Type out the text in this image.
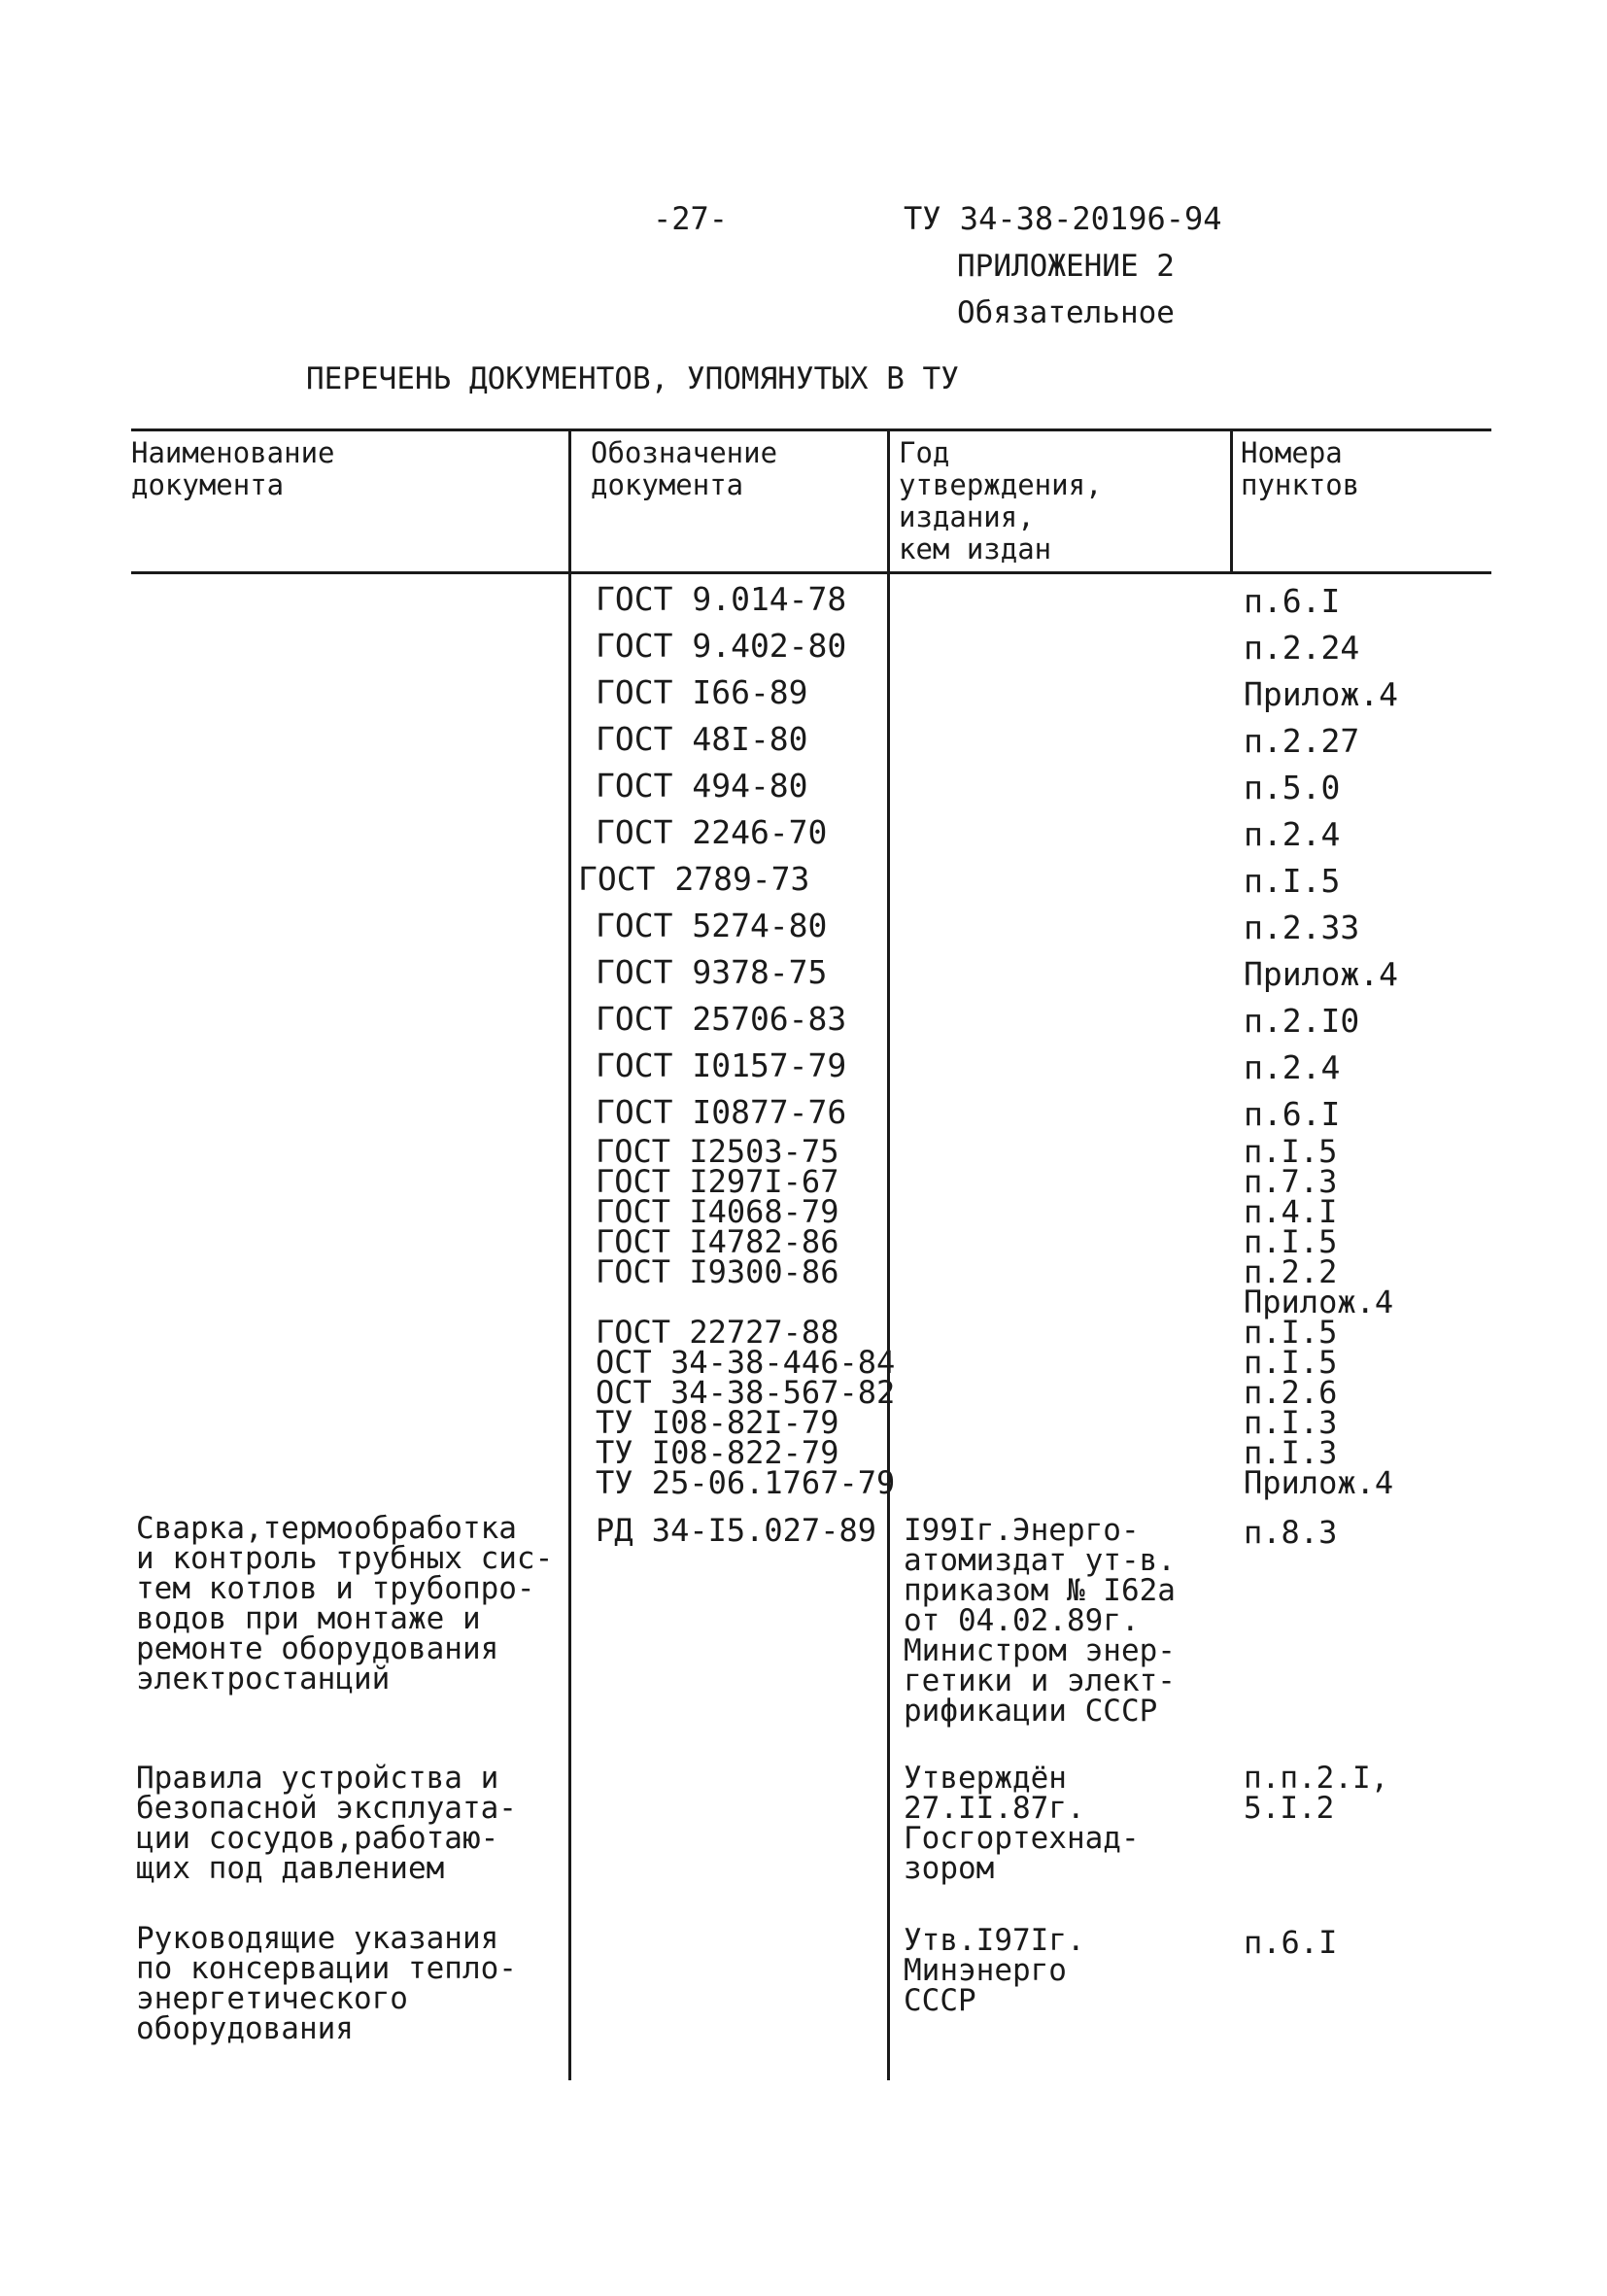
-27-	ТУ 34-38-20196-94
ПРИЛОЖЕНИЕ 2
Обязательное
ПЕРЕЧЕНЬ ДОКУМЕНТОВ, УПОМЯНУТЫХ В ТУ
Наименование
документа
Обозначение
документа
Год
утверждения,
издания,
кем издан
Номера
пунктов
ГОСТ 9.014-78
ГОСТ 9.402-80
ГОСТ I66-89
ГОСТ 48I-80
ГОСТ 494-80
ГОСТ 2246-70
ГОСТ 2789-73
ГОСТ 5274-80
ГОСТ 9378-75
ГОСТ 25706-83
ГОСТ I0157-79
ГОСТ I0877-76
п.6.I
п.2.24
Прилож.4
п.2.27
п.5.0
п.2.4
п.I.5
п.2.33
Прилож.4
п.2.I0
п.2.4
п.6.I
ГОСТ I2503-75
ГОСТ I297I-67
ГОСТ I4068-79
ГОСТ I4782-86
ГОСТ I9300-86
п.I.5
п.7.3
п.4.I
п.I.5
п.2.2
Прилож.4
ГОСТ 22727-88
ОСТ 34-38-446-84
ОСТ 34-38-567-82
ТУ I08-82I-79
ТУ I08-822-79
ТУ 25-06.1767-79
п.I.5
п.I.5
п.2.6
п.I.3
п.I.3
Прилож.4
Сварка,термообработка
и контроль трубных сис-
тем котлов и трубопро-
водов при монтаже и
ремонте оборудования
электростанций
РД 34-I5.027-89 I99Iг.Энерго-
атомиздат ут-в.
приказом № I62а
от 04.02.89г.
Министром энер-
гетики и элект-
рификации СССР
п.8.3
Правила устройства и
безопасной эксплуата-
ции сосудов,работаю-
щих под давлением
Утверждён
27.II.87г.
Госгортехнад-
зором
п.п.2.I,
5.I.2
Руководящие указания
по консервации тепло-
энергетического
оборудования
Утв.I97Iг.
Минэнерго
СССР
п.6.I
